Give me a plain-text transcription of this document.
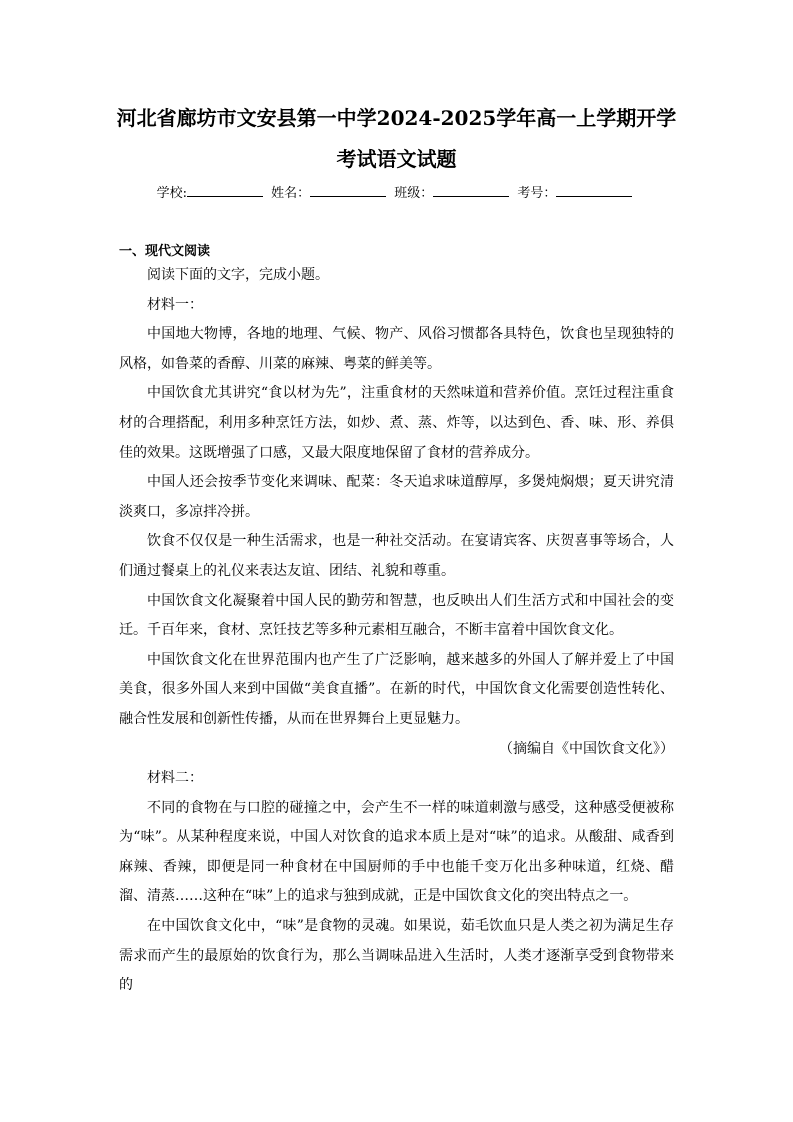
河北省廊坊市文安县第一中学2024-2025学年高一上学期开学
考试语文试题
学校:	姓名：	班级：	考号：
一、现代文阅读

阅读下面的文字，完成小题。

材料一：

中国地大物博，各地的地理、气候、物产、风俗习惯都各具特色，饮食也呈现独特的风格，如鲁菜的香醇、川菜的麻辣、粤菜的鲜美等。

中国饮食尤其讲究“食以材为先”，注重食材的天然味道和营养价值。烹饪过程注重食材的合理搭配，利用多种烹饪方法，如炒、煮、蒸、炸等，以达到色、香、味、形、养俱佳的效果。这既增强了口感，又最大限度地保留了食材的营养成分。

中国人还会按季节变化来调味、配菜：冬天追求味道醇厚，多煲炖焖煨；夏天讲究清淡爽口，多凉拌冷拼。

饮食不仅仅是一种生活需求，也是一种社交活动。在宴请宾客、庆贺喜事等场合，人们通过餐桌上的礼仪来表达友谊、团结、礼貌和尊重。

中国饮食文化凝聚着中国人民的勤劳和智慧，也反映出人们生活方式和中国社会的变迁。千百年来，食材、烹饪技艺等多种元素相互融合，不断丰富着中国饮食文化。

中国饮食文化在世界范围内也产生了广泛影响，越来越多的外国人了解并爱上了中国美食，很多外国人来到中国做“美食直播”。在新的时代，中国饮食文化需要创造性转化、融合性发展和创新性传播，从而在世界舞台上更显魅力。

（摘编自《中国饮食文化》）

材料二：

不同的食物在与口腔的碰撞之中，会产生不一样的味道刺激与感受，这种感受便被称为“味”。从某种程度来说，中国人对饮食的追求本质上是对“味”的追求。从酸甜、咸香到麻辣、香辣，即便是同一种食材在中国厨师的手中也能千变万化出多种味道，红烧、醋溜、清蒸……这种在“味”上的追求与独到成就，正是中国饮食文化的突出特点之一。

在中国饮食文化中，“味”是食物的灵魂。如果说，茹毛饮血只是人类之初为满足生存需求而产生的最原始的饮食行为，那么当调味品进入生活时，人类才逐渐享受到食物带来的
